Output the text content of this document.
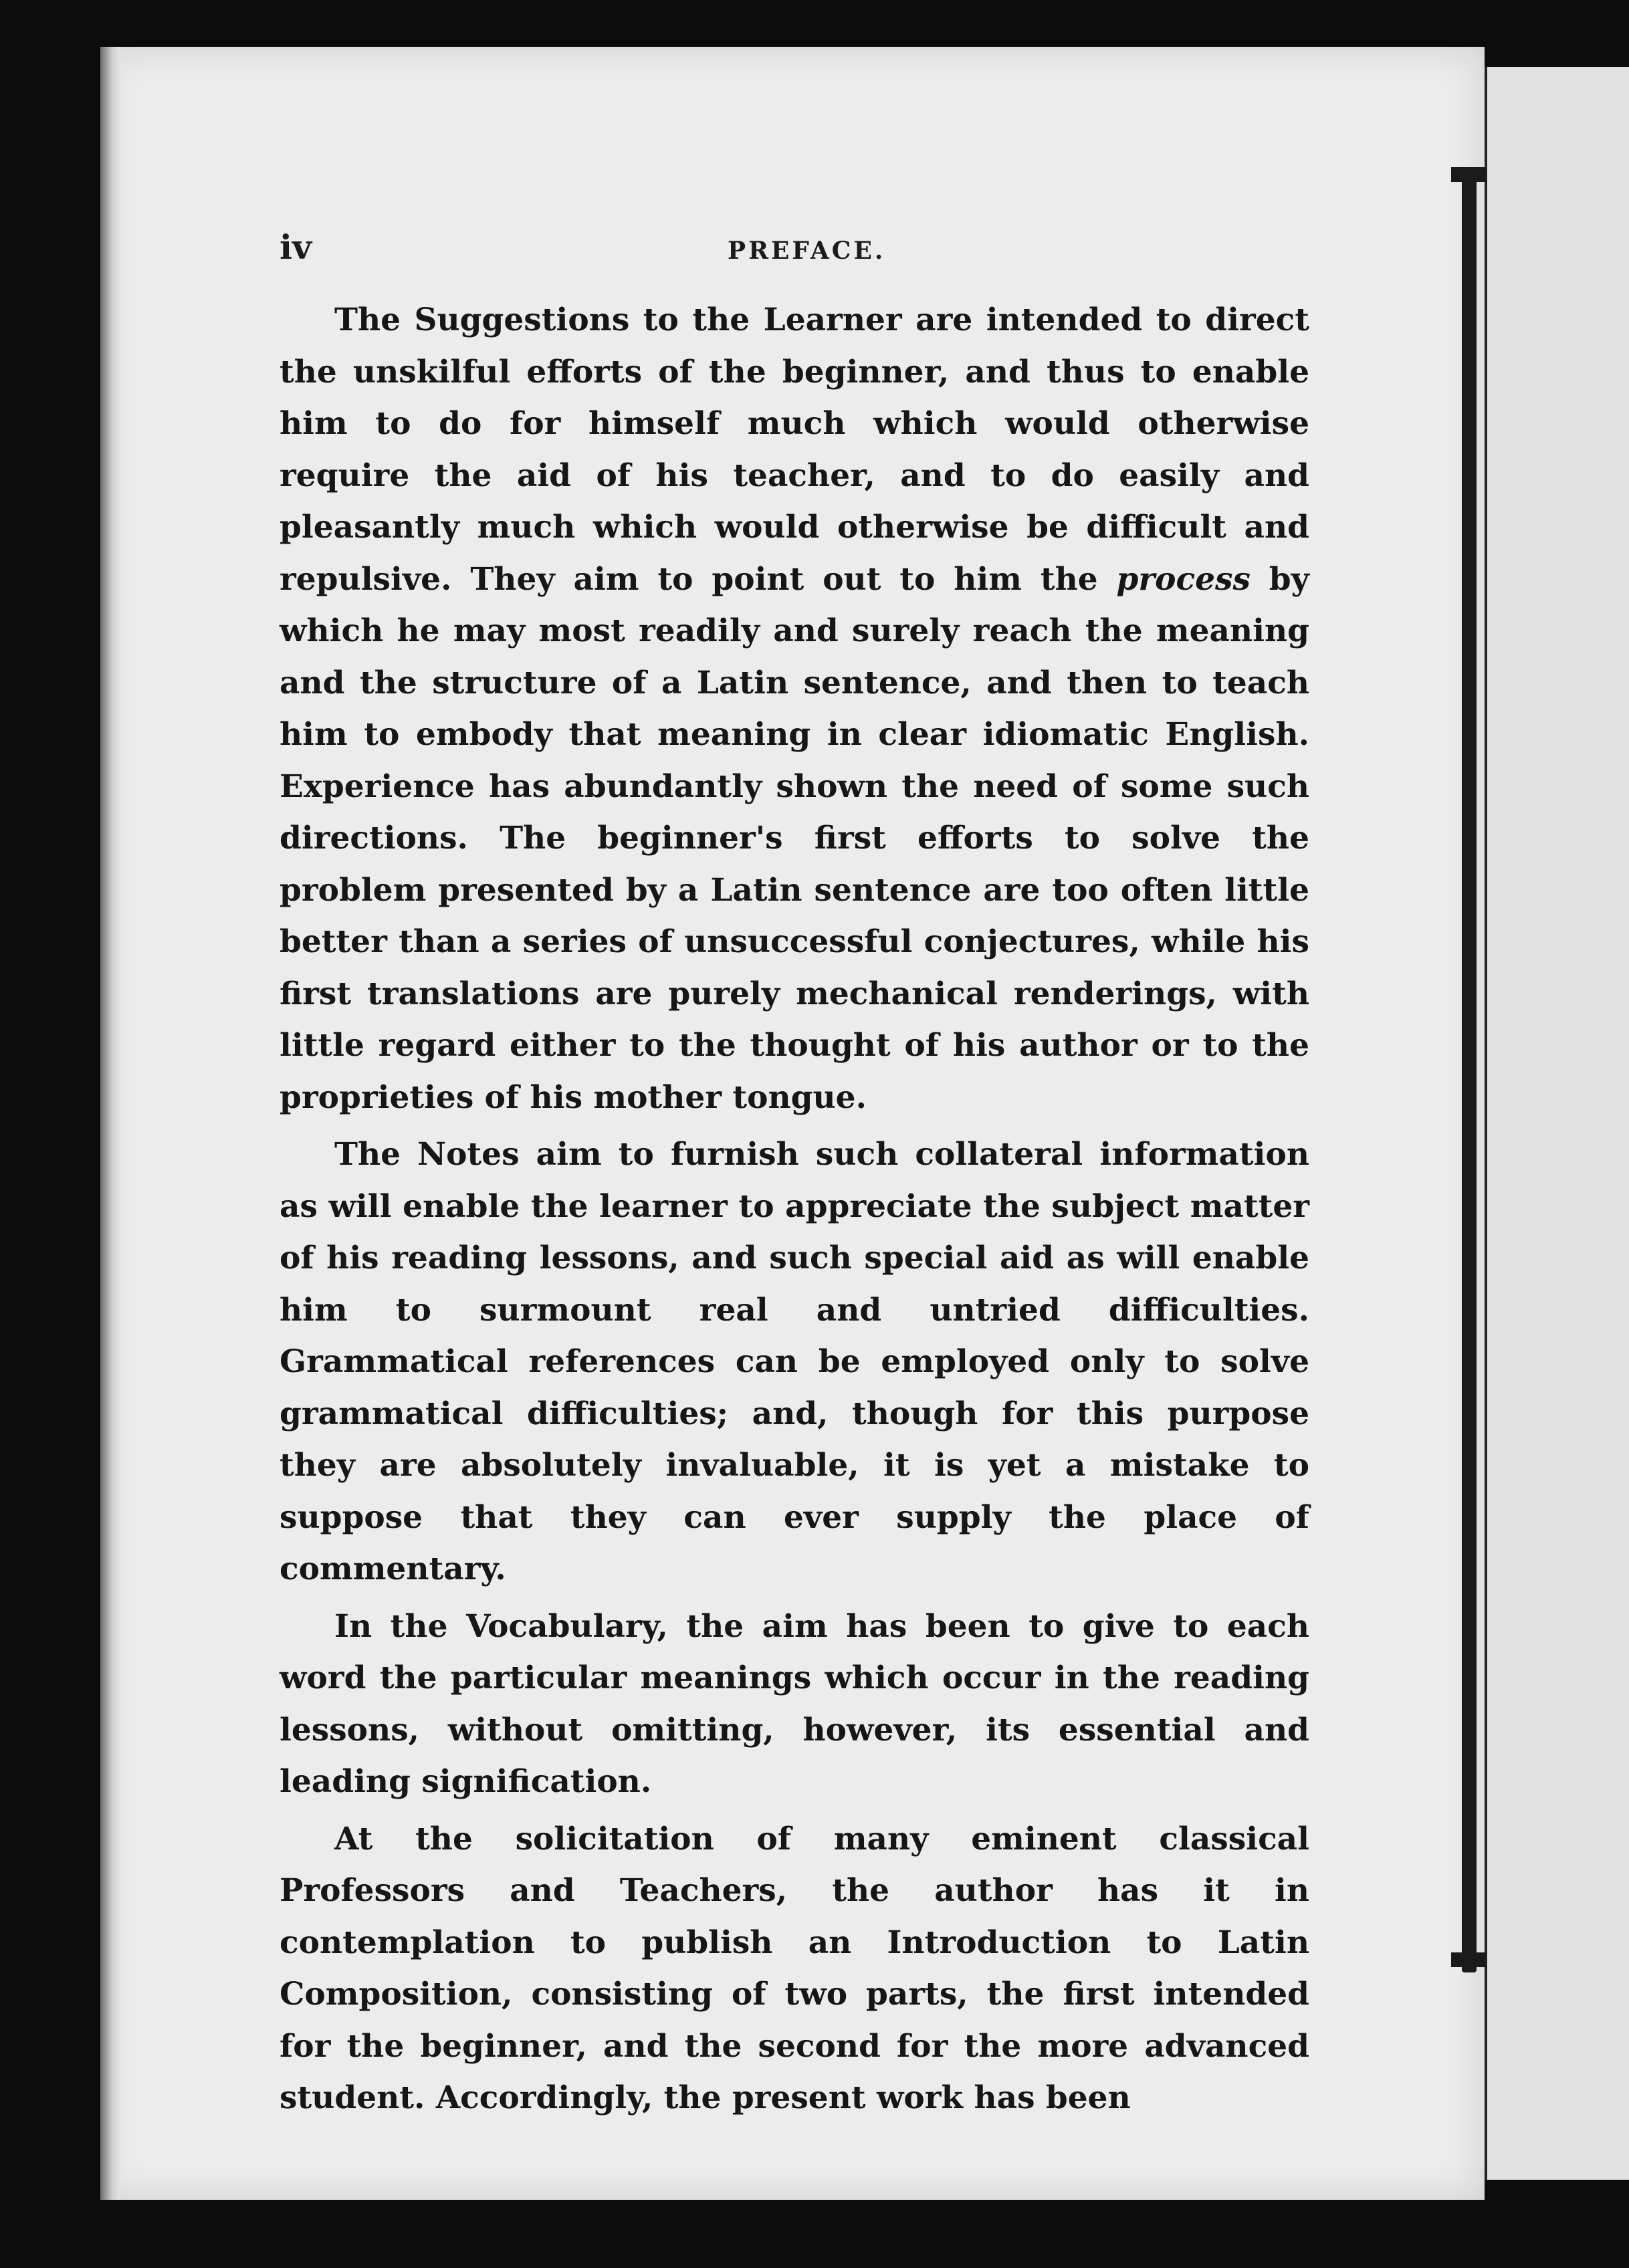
iv	PREFACE.

The Suggestions to the Learner are intended to direct the unskilful efforts of the beginner, and thus to enable him to do for himself much which would otherwise require the aid of his teacher, and to do easily and pleasantly much which would otherwise be difficult and repulsive. They aim to point out to him the process by which he may most readily and surely reach the meaning and the structure of a Latin sentence, and then to teach him to embody that meaning in clear idiomatic English. Experience has abundantly shown the need of some such directions. The beginner's first efforts to solve the problem presented by a Latin sentence are too often little better than a series of unsuccessful conjectures, while his first translations are purely mechanical renderings, with little regard either to the thought of his author or to the proprieties of his mother tongue.

The Notes aim to furnish such collateral information as will enable the learner to appreciate the subject matter of his reading lessons, and such special aid as will enable him to surmount real and untried difficulties. Grammatical references can be employed only to solve grammatical difficulties; and, though for this purpose they are absolutely invaluable, it is yet a mistake to suppose that they can ever supply the place of commentary.

In the Vocabulary, the aim has been to give to each word the particular meanings which occur in the reading lessons, without omitting, however, its essential and leading signification.

At the solicitation of many eminent classical Professors and Teachers, the author has it in contemplation to publish an Introduction to Latin Composition, consisting of two parts, the first intended for the beginner, and the second for the more advanced student. Accordingly, the present work has been
